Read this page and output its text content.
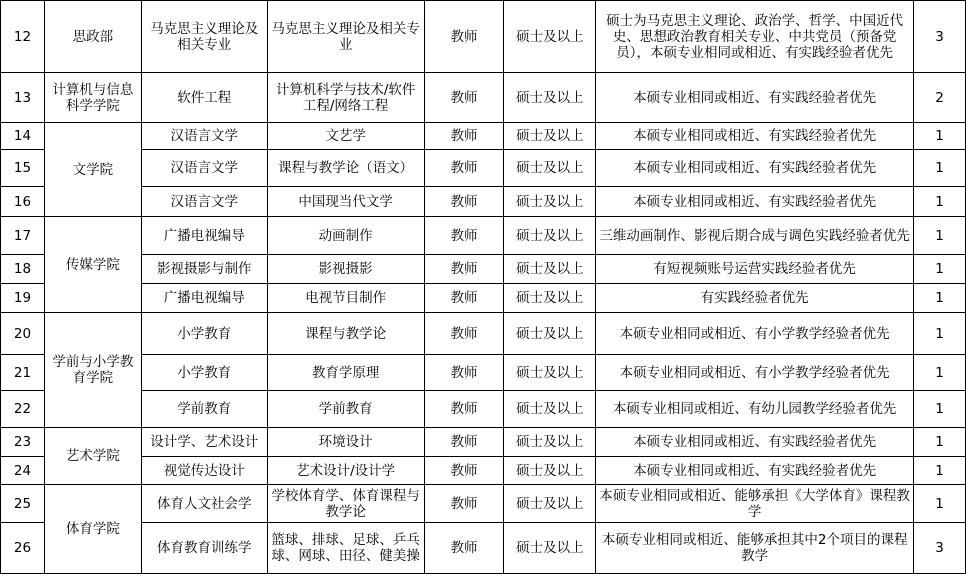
12	思政部	马克思主义理论及相关专业	马克思主义理论及相关专业	教师	硕士及以上	硕士为马克思主义理论、政治学、哲学、中国近代史、思想政治教育相关专业、中共党员（预备党员），本硕专业相同或相近、有实践经验者优先	3
13	计算机与信息科学学院	软件工程	计算机科学与技术/软件工程/网络工程	教师	硕士及以上	本硕专业相同或相近、有实践经验者优先	2
14	文学院	汉语言文学	文艺学	教师	硕士及以上	本硕专业相同或相近、有实践经验者优先	1
15		汉语言文学	课程与教学论（语文）	教师	硕士及以上	本硕专业相同或相近、有实践经验者优先	1
16		汉语言文学	中国现当代文学	教师	硕士及以上	本硕专业相同或相近、有实践经验者优先	1
17	传媒学院	广播电视编导	动画制作	教师	硕士及以上	三维动画制作、影视后期合成与调色实践经验者优先	1
18		影视摄影与制作	影视摄影	教师	硕士及以上	有短视频账号运营实践经验者优先	1
19		广播电视编导	电视节目制作	教师	硕士及以上	有实践经验者优先	1
20	学前与小学教育学院	小学教育	课程与教学论	教师	硕士及以上	本硕专业相同或相近、有小学教学经验者优先	1
21		小学教育	教育学原理	教师	硕士及以上	本硕专业相同或相近、有小学教学经验者优先	1
22		学前教育	学前教育	教师	硕士及以上	本硕专业相同或相近、有幼儿园教学经验者优先	1
23	艺术学院	设计学、艺术设计	环境设计	教师	硕士及以上	本硕专业相同或相近、有实践经验者优先	1
24		视觉传达设计	艺术设计/设计学	教师	硕士及以上	本硕专业相同或相近、有实践经验者优先	1
25	体育学院	体育人文社会学	学校体育学、体育课程与教学论	教师	硕士及以上	本硕专业相同或相近、能够承担《大学体育》课程教学	1
26		体育教育训练学	篮球、排球、足球、乒乓球、网球、田径、健美操	教师	硕士及以上	本硕专业相同或相近、能够承担其中2个项目的课程教学	3
